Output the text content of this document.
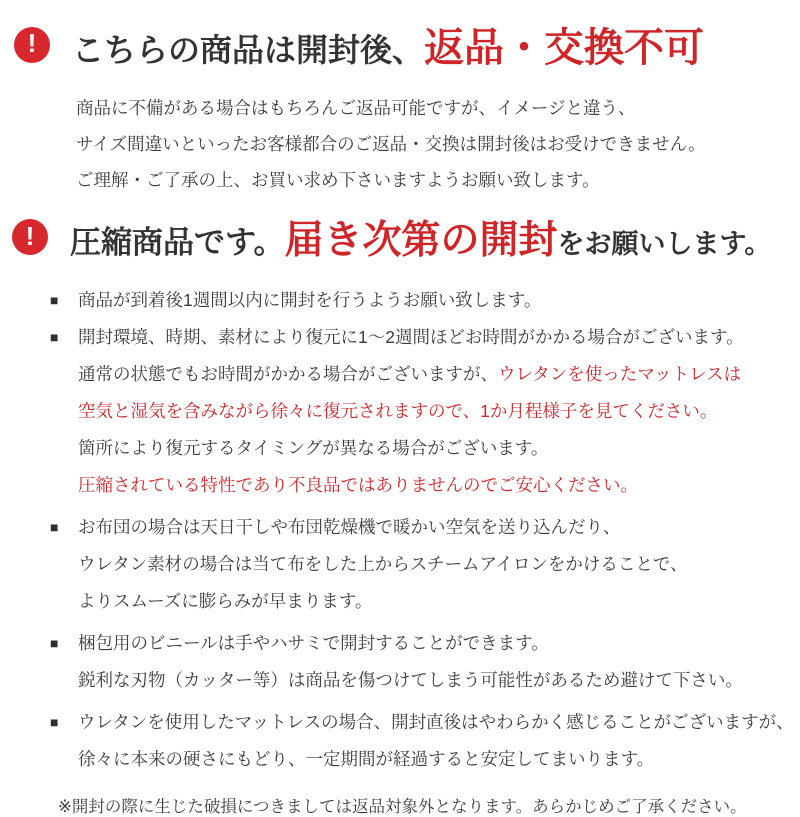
! こちらの商品は開封後、 返品・交換不可
商品に不備がある場合はもちろんご返品可能ですが、イメージと違う、
サイズ間違いといったお客様都合のご返品・交換は開封後はお受けできません。
ご理解・ご了承の上、お買い求め下さいますようお願い致します。
! 圧縮商品です。 届き次第の開封 をお願いします。
■	商品が到着後1週間以内に開封を行うようお願い致します。
■	開封環境、時期、素材により復元に1～2週間ほどお時間がかかる場合がございます。
通常の状態でもお時間がかかる場合がございますが、 ウレタンを使ったマットレスは
空気と湿気を含みながら徐々に復元されますので、1か月程様子を見てください。
箇所により復元するタイミングが異なる場合がございます。
圧縮されている特性であり不良品ではありませんのでご安心ください。
■	お布団の場合は天日干しや布団乾燥機で暖かい空気を送り込んだり、
ウレタン素材の場合は当て布をした上からスチームアイロンをかけることで、
よりスムーズに膨らみが早まります。
■	梱包用のビニールは手やハサミで開封することができます。
鋭利な刃物（カッター等）は商品を傷つけてしまう可能性があるため避けて下さい。
■	ウレタンを使用したマットレスの場合、開封直後はやわらかく感じることがございますが、
徐々に本来の硬さにもどり、一定期間が経過すると安定してまいります。
※開封の際に生じた破損につきましては返品対象外となります。あらかじめご了承ください。
